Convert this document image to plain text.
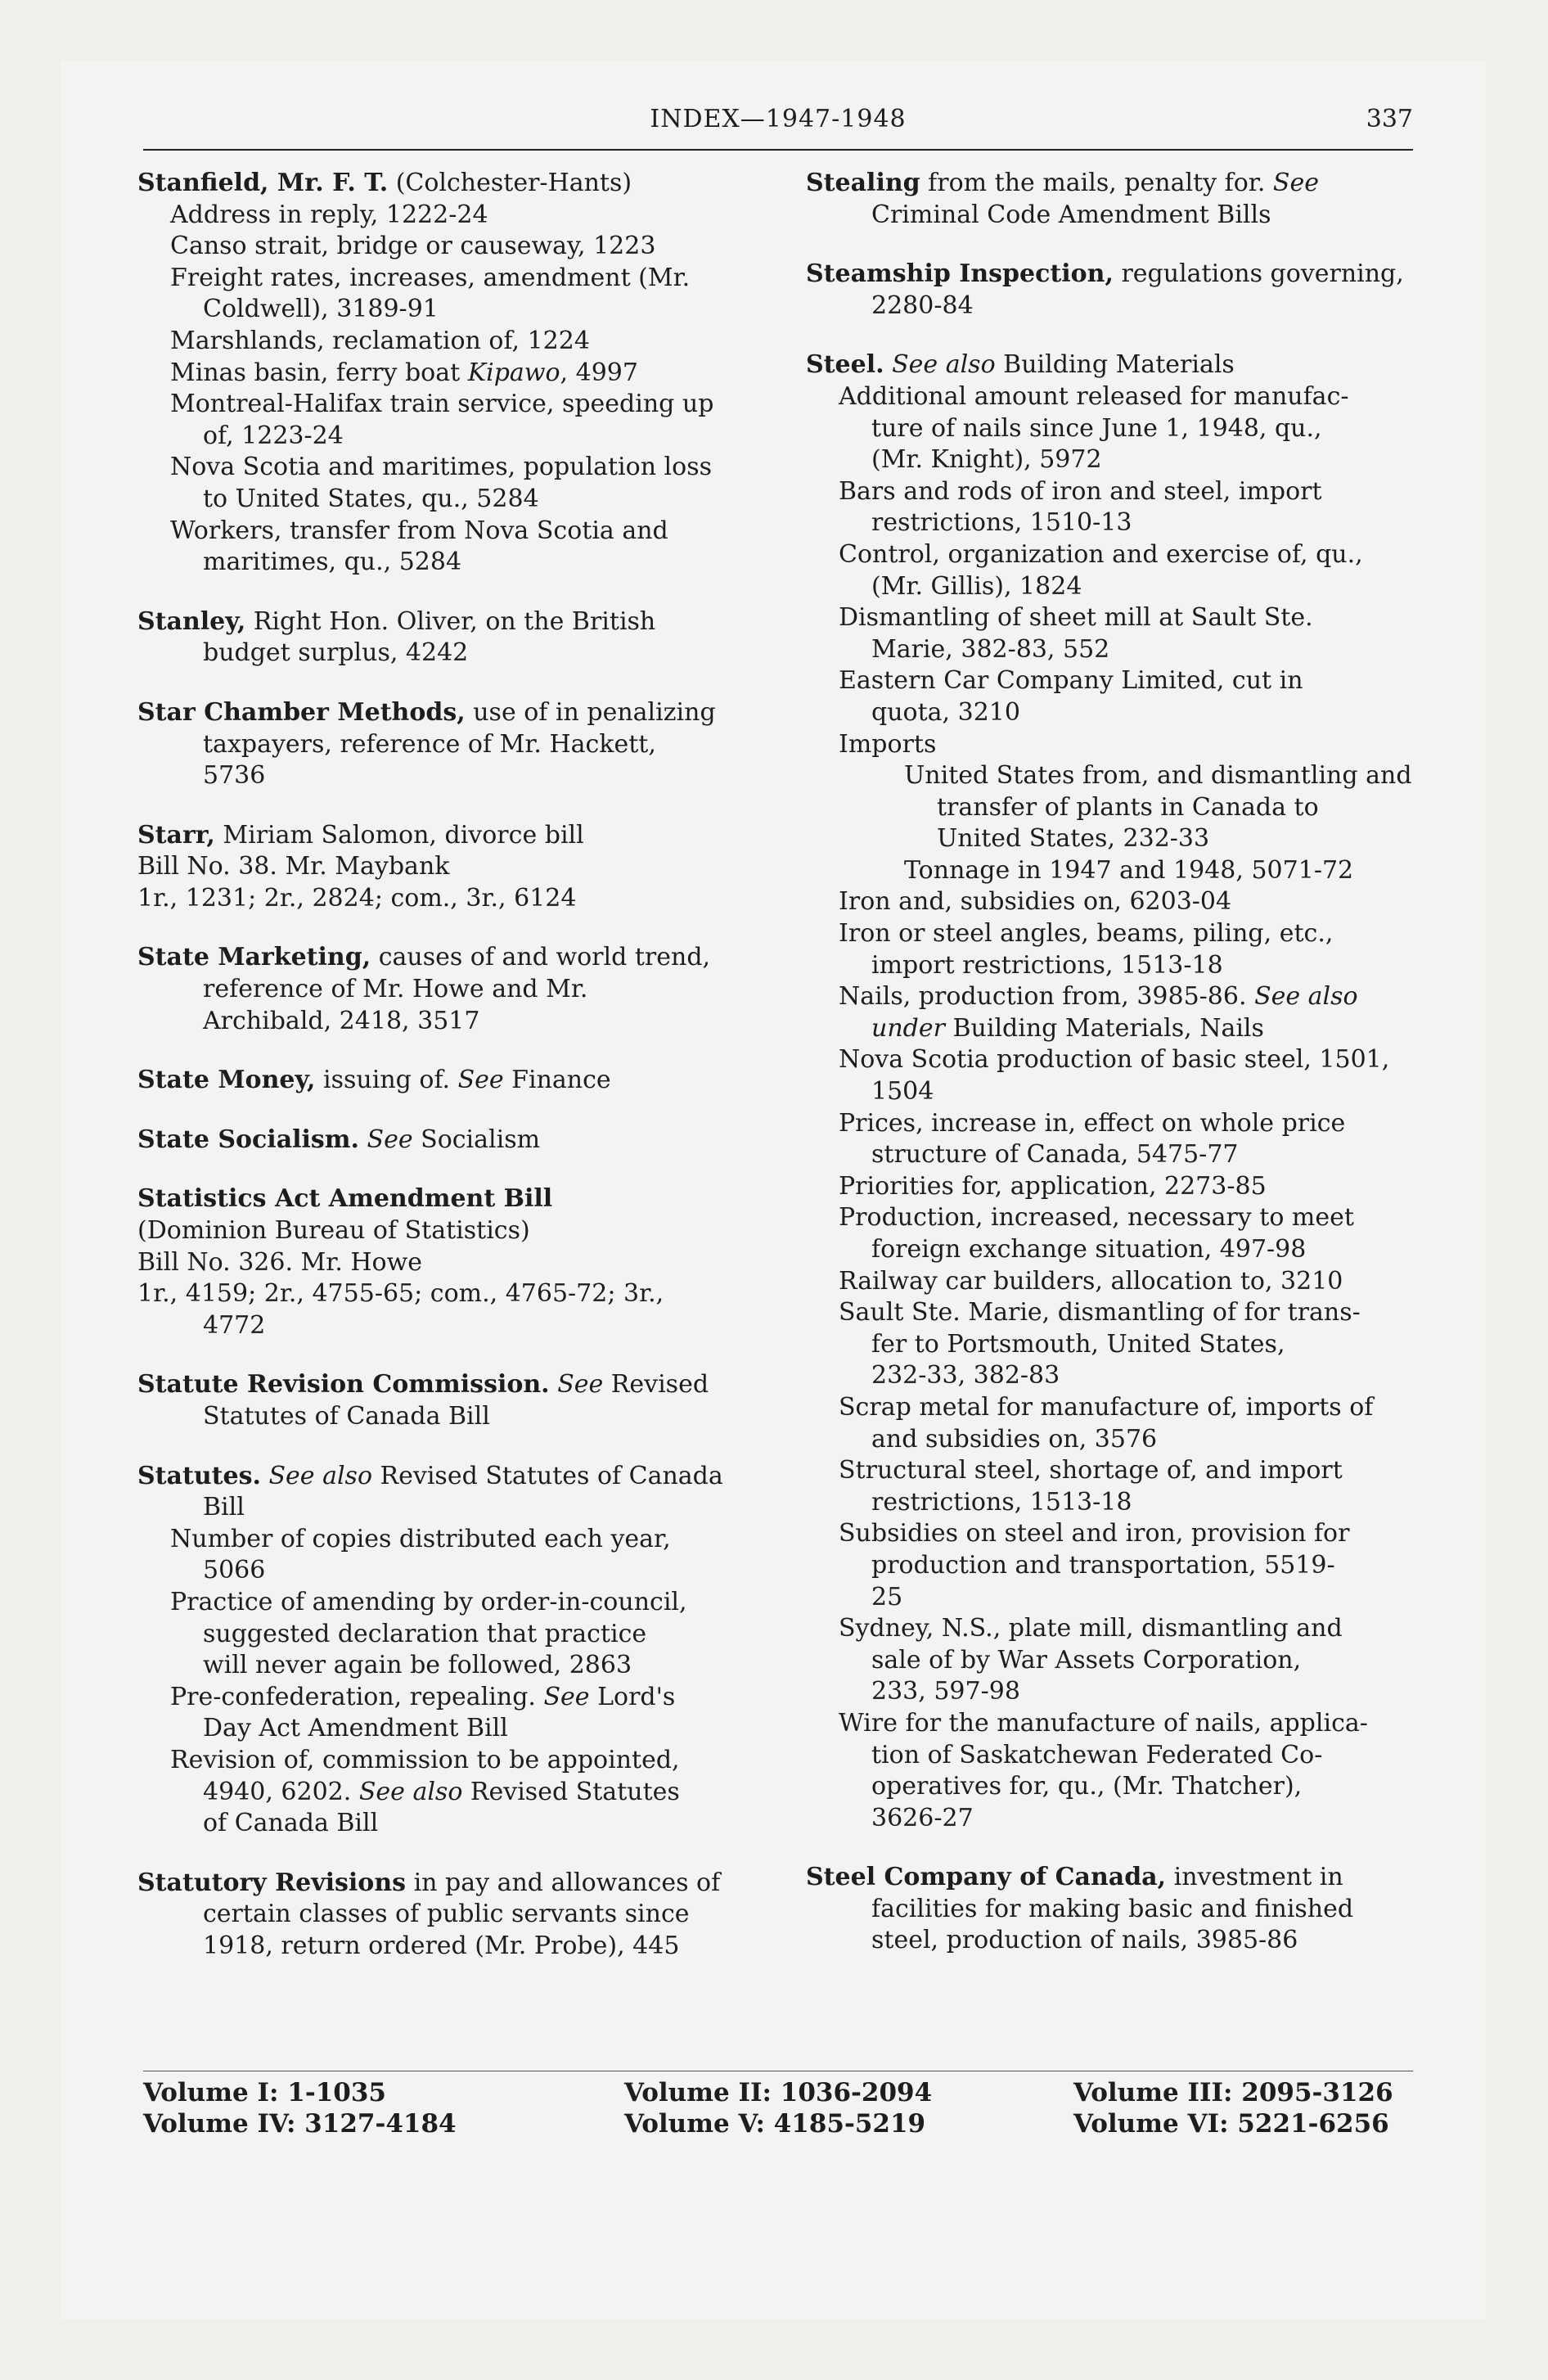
INDEX—1947-1948	337
Stanfield, Mr. F. T. (Colchester-Hants)
Address in reply, 1222-24
Canso strait, bridge or causeway, 1223
Freight rates, increases, amendment (Mr.
Coldwell), 3189-91
Marshlands, reclamation of, 1224
Minas basin, ferry boat Kipawo, 4997
Montreal-Halifax train service, speeding up
of, 1223-24
Nova Scotia and maritimes, population loss
to United States, qu., 5284
Workers, transfer from Nova Scotia and
maritimes, qu., 5284
Stanley, Right Hon. Oliver, on the British
budget surplus, 4242
Star Chamber Methods, use of in penalizing
taxpayers, reference of Mr. Hackett,
5736
Starr, Miriam Salomon, divorce bill
Bill No. 38. Mr. Maybank
1r., 1231; 2r., 2824; com., 3r., 6124
State Marketing, causes of and world trend,
reference of Mr. Howe and Mr.
Archibald, 2418, 3517
State Money, issuing of. See Finance
State Socialism. See Socialism
Statistics Act Amendment Bill
(Dominion Bureau of Statistics)
Bill No. 326. Mr. Howe
1r., 4159; 2r., 4755-65; com., 4765-72; 3r.,
4772
Statute Revision Commission. See Revised
Statutes of Canada Bill
Statutes. See also Revised Statutes of Canada
Bill
Number of copies distributed each year,
5066
Practice of amending by order-in-council,
suggested declaration that practice
will never again be followed, 2863
Pre-confederation, repealing. See Lord's
Day Act Amendment Bill
Revision of, commission to be appointed,
4940, 6202. See also Revised Statutes
of Canada Bill
Statutory Revisions in pay and allowances of
certain classes of public servants since
1918, return ordered (Mr. Probe), 445
Stealing from the mails, penalty for. See
Criminal Code Amendment Bills
Steamship Inspection, regulations governing,
2280-84
Steel. See also Building Materials
Additional amount released for manufac-
ture of nails since June 1, 1948, qu.,
(Mr. Knight), 5972
Bars and rods of iron and steel, import
restrictions, 1510-13
Control, organization and exercise of, qu.,
(Mr. Gillis), 1824
Dismantling of sheet mill at Sault Ste.
Marie, 382-83, 552
Eastern Car Company Limited, cut in
quota, 3210
Imports
United States from, and dismantling and
transfer of plants in Canada to
United States, 232-33
Tonnage in 1947 and 1948, 5071-72
Iron and, subsidies on, 6203-04
Iron or steel angles, beams, piling, etc.,
import restrictions, 1513-18
Nails, production from, 3985-86. See also
under Building Materials, Nails
Nova Scotia production of basic steel, 1501,
1504
Prices, increase in, effect on whole price
structure of Canada, 5475-77
Priorities for, application, 2273-85
Production, increased, necessary to meet
foreign exchange situation, 497-98
Railway car builders, allocation to, 3210
Sault Ste. Marie, dismantling of for trans-
fer to Portsmouth, United States,
232-33, 382-83
Scrap metal for manufacture of, imports of
and subsidies on, 3576
Structural steel, shortage of, and import
restrictions, 1513-18
Subsidies on steel and iron, provision for
production and transportation, 5519-
25
Sydney, N.S., plate mill, dismantling and
sale of by War Assets Corporation,
233, 597-98
Wire for the manufacture of nails, applica-
tion of Saskatchewan Federated Co-
operatives for, qu., (Mr. Thatcher),
3626-27
Steel Company of Canada, investment in
facilities for making basic and finished
steel, production of nails, 3985-86
Volume I: 1-1035	Volume II: 1036-2094	Volume III: 2095-3126
Volume IV: 3127-4184	Volume V: 4185-5219	Volume VI: 5221-6256
